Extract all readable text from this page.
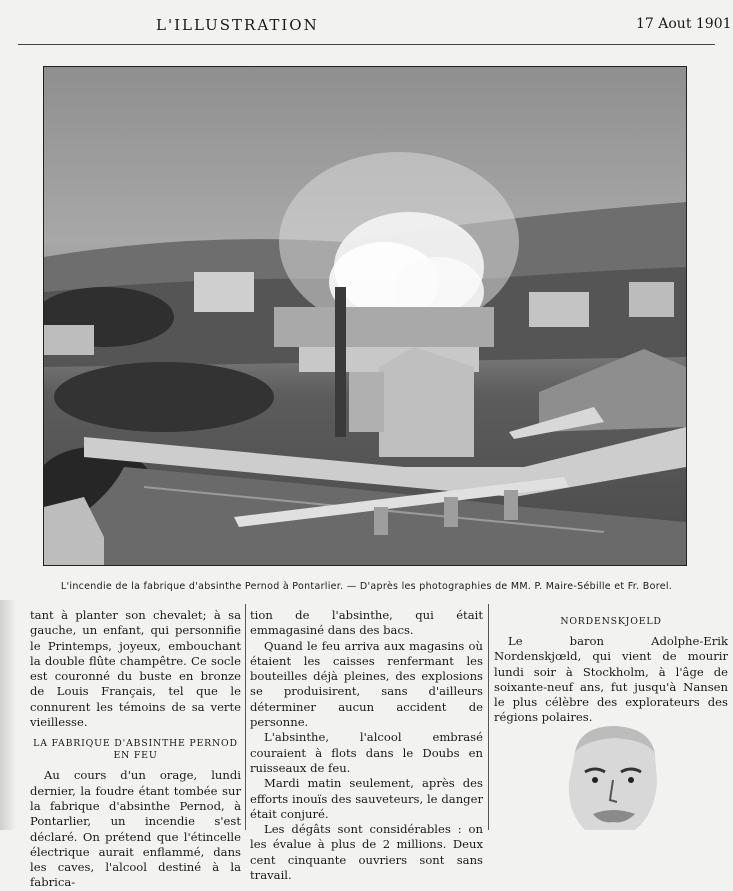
L'ILLUSTRATION	17 Aout 1901
L'incendie de la fabrique d'absinthe Pernod à Pontarlier. — D'après les photographies de MM. P. Maire-Sébille et Fr. Borel.

tant à planter son chevalet; à sa gauche, un enfant, qui personnifie le Printemps, joyeux, embouchant la double flûte champêtre. Ce socle est couronné du buste en bronze de Louis Français, tel que le connurent les témoins de sa verte vieillesse.

LA FABRIQUE D'ABSINTHE PERNOD EN FEU

Au cours d'un orage, lundi dernier, la foudre étant tombée sur la fabrique d'absinthe Pernod, à Pontarlier, un incendie s'est déclaré. On prétend que l'étincelle électrique aurait enflammé, dans les caves, l'alcool destiné à la fabrica-

tion de l'absinthe, qui était emmagasiné dans des bacs.

Quand le feu arriva aux magasins où étaient les caisses renfermant les bouteilles déjà pleines, des explosions se produisirent, sans d'ailleurs déterminer aucun accident de personne.

L'absinthe, l'alcool embrasé couraient à flots dans le Doubs en ruisseaux de feu.

Mardi matin seulement, après des efforts inouïs des sauveteurs, le danger était conjuré.

Les dégâts sont considérables : on les évalue à plus de 2 millions. Deux cent cinquante ouvriers sont sans travail.

NORDENSKJOELD

Le baron Adolphe-Erik Nordenskjœld, qui vient de mourir lundi soir à Stockholm, à l'âge de soixante-neuf ans, fut jusqu'à Nansen le plus célèbre des explorateurs des régions polaires.
